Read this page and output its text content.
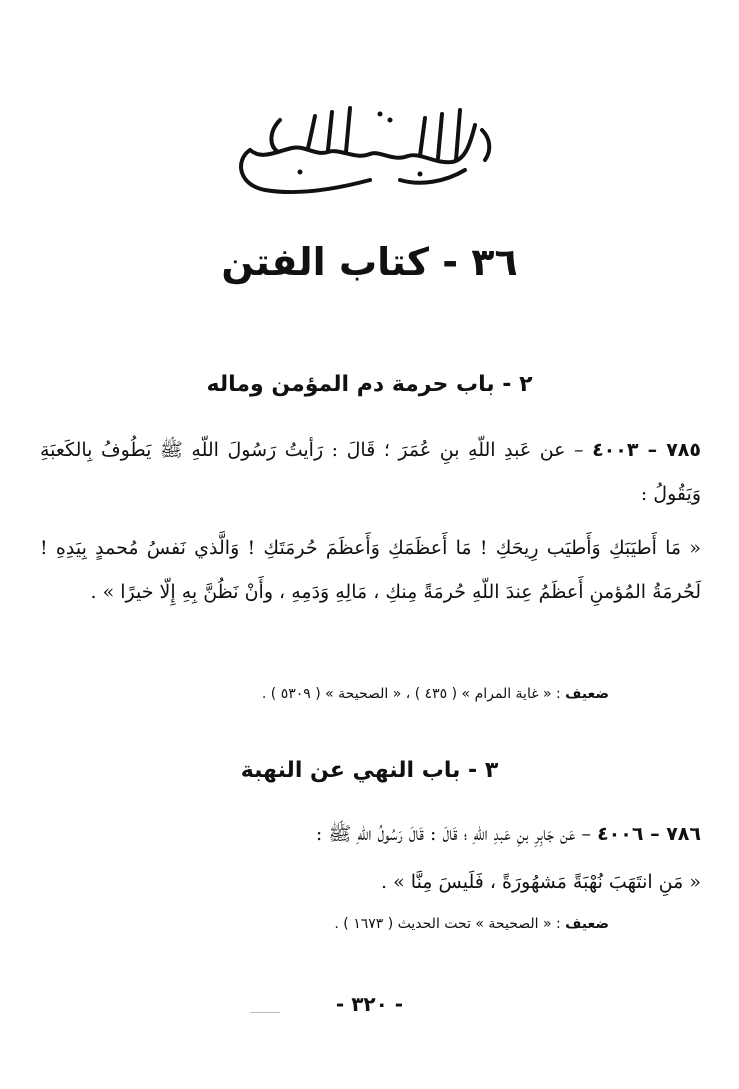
٣٦ - كتاب الفتن
٢ - باب حرمة دم المؤمن وماله
٧٨٥ – ٤٠٠٣ – عن عَبدِ اللّهِ بنِ عُمَرَ ؛ قَالَ : رَأيتُ رَسُولَ اللّهِ ﷺ يَطُوفُ بِالكَعبَةِ وَيَقُولُ :
« مَا أَطيَبَكِ وَأَطيَب رِيحَكِ ! مَا أَعظَمَكِ وَأَعظَمَ حُرمَتَكِ ! وَالَّذي نَفسُ مُحمدٍ بِيَدِهِ ! لَحُرمَةُ المُؤمنِ أَعظَمُ عِندَ اللّهِ حُرمَةً مِنكِ ، مَالِهِ وَدَمِهِ ، وأَنْ نَظُنَّ بِهِ إِلّا خيرًا » .
ضعيف : « غاية المرام » ( ٤٣٥ ) ، « الصحيحة » ( ٥٣٠٩ ) .
٣ - باب النهي عن النهبة
٧٨٦ – ٤٠٠٦ – عَن جَابِرِ بنِ عَبدِ اللّهِ ؛ قَالَ : قَالَ رَسُولُ اللّهِ ﷺ :
« مَنِ انتَهَبَ نُهْبَةً مَشهُورَةً ، فَلَيسَ مِنَّا » .
ضعيف : « الصحيحة » تحت الحديث ( ١٦٧٣ ) .
- ٣٢٠ -
